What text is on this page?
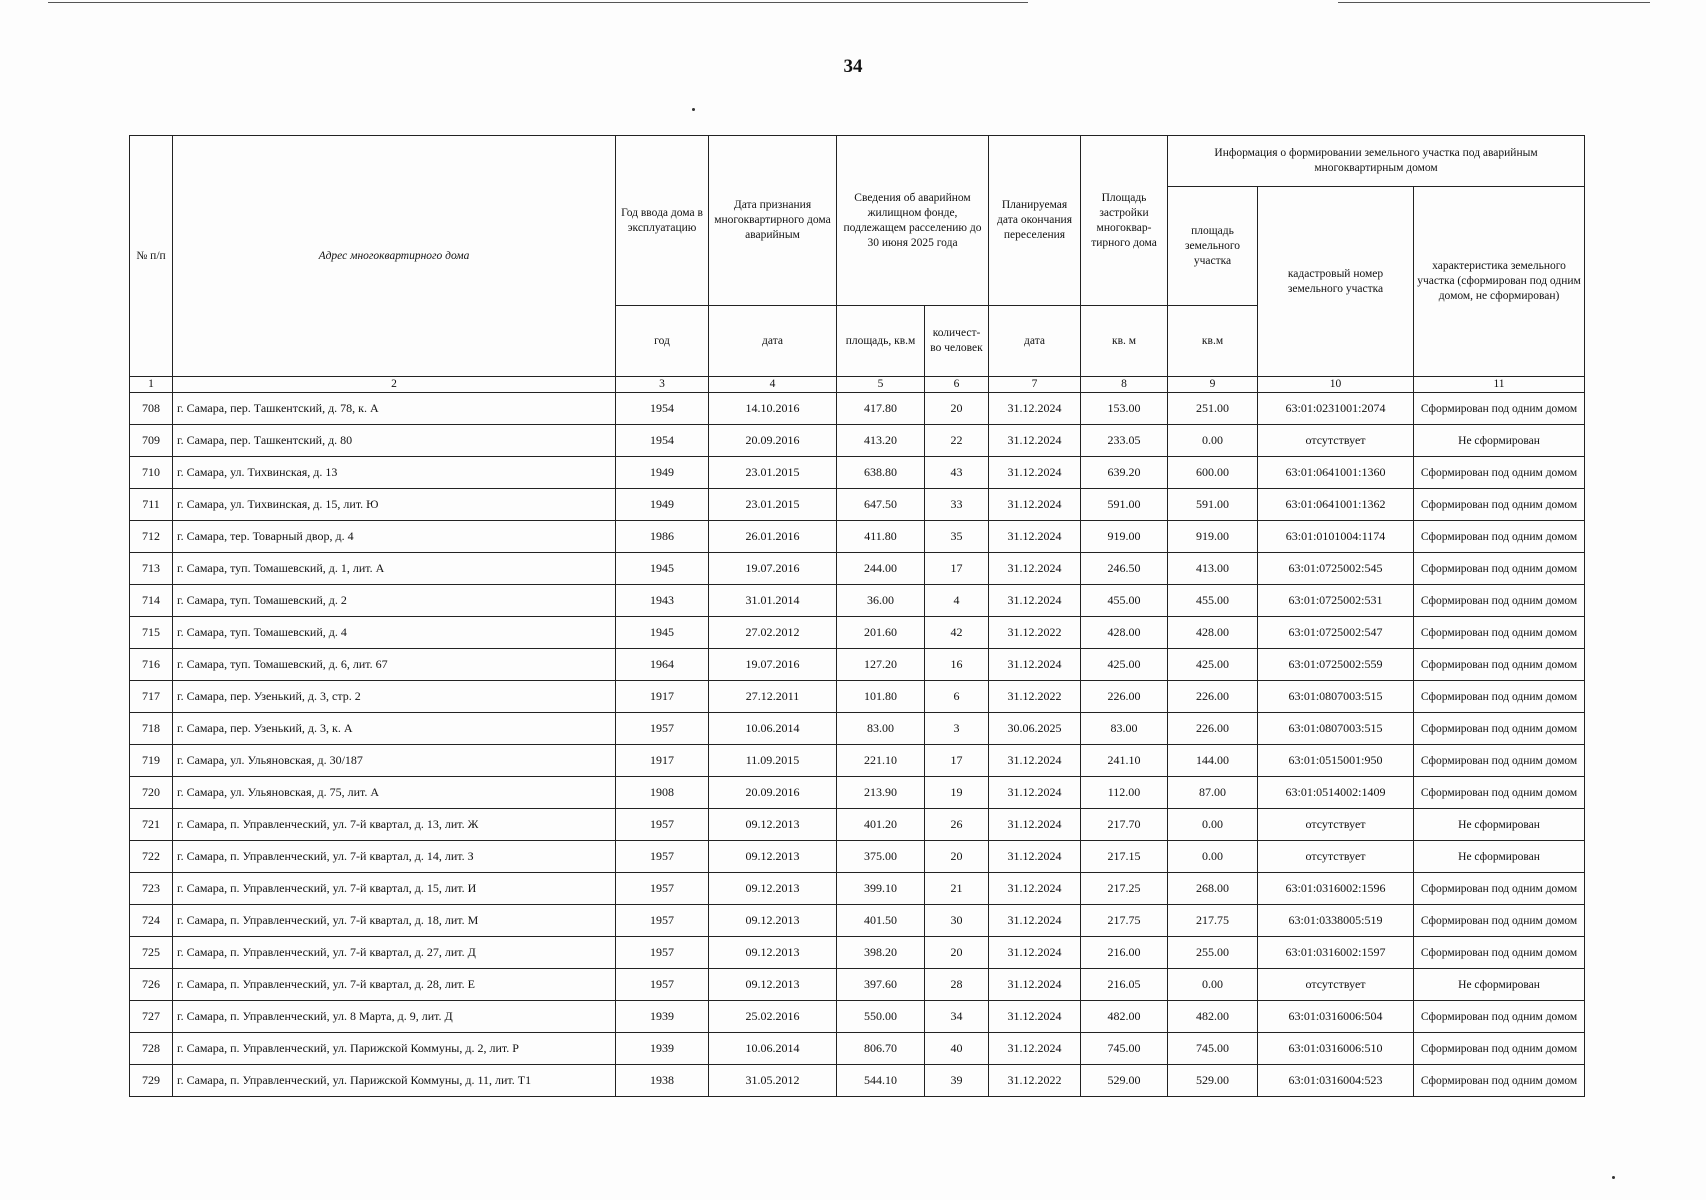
34
№ п/п	Адрес многоквартирного дома	Год ввода дома в эксплуатацию	Дата признания многоквартирного дома аварийным	Сведения об аварийном жилищном фонде, подлежащем расселению до 30 июня 2025 года		Планируемая дата окончания переселения	Площадь застройки многоквар-тирного дома	Информация о формировании земельного участка под аварийным многоквартирным домом		
								площадь земельного участка	кадастровый номер земельного участка	характеристика земельного участка (сформирован под одним домом, не сформирован)
		год	дата	площадь, кв.м	количест-во человек	дата	кв. м	кв.м		
1	2	3	4	5	6	7	8	9	10	11
708	г. Самара, пер. Ташкентский, д. 78, к. А	1954	14.10.2016	417.80	20	31.12.2024	153.00	251.00	63:01:0231001:2074	Сформирован под одним домом
709	г. Самара, пер. Ташкентский, д. 80	1954	20.09.2016	413.20	22	31.12.2024	233.05	0.00	отсутствует	Не сформирован
710	г. Самара, ул. Тихвинская, д. 13	1949	23.01.2015	638.80	43	31.12.2024	639.20	600.00	63:01:0641001:1360	Сформирован под одним домом
711	г. Самара, ул. Тихвинская, д. 15, лит. Ю	1949	23.01.2015	647.50	33	31.12.2024	591.00	591.00	63:01:0641001:1362	Сформирован под одним домом
712	г. Самара, тер. Товарный двор, д. 4	1986	26.01.2016	411.80	35	31.12.2024	919.00	919.00	63:01:0101004:1174	Сформирован под одним домом
713	г. Самара, туп. Томашевский, д. 1, лит. А	1945	19.07.2016	244.00	17	31.12.2024	246.50	413.00	63:01:0725002:545	Сформирован под одним домом
714	г. Самара, туп. Томашевский, д. 2	1943	31.01.2014	36.00	4	31.12.2024	455.00	455.00	63:01:0725002:531	Сформирован под одним домом
715	г. Самара, туп. Томашевский, д. 4	1945	27.02.2012	201.60	42	31.12.2022	428.00	428.00	63:01:0725002:547	Сформирован под одним домом
716	г. Самара, туп. Томашевский, д. 6, лит. 67	1964	19.07.2016	127.20	16	31.12.2024	425.00	425.00	63:01:0725002:559	Сформирован под одним домом
717	г. Самара, пер. Узенький, д. 3, стр. 2	1917	27.12.2011	101.80	6	31.12.2022	226.00	226.00	63:01:0807003:515	Сформирован под одним домом
718	г. Самара, пер. Узенький, д. 3, к. А	1957	10.06.2014	83.00	3	30.06.2025	83.00	226.00	63:01:0807003:515	Сформирован под одним домом
719	г. Самара, ул. Ульяновская, д. 30/187	1917	11.09.2015	221.10	17	31.12.2024	241.10	144.00	63:01:0515001:950	Сформирован под одним домом
720	г. Самара, ул. Ульяновская, д. 75, лит. А	1908	20.09.2016	213.90	19	31.12.2024	112.00	87.00	63:01:0514002:1409	Сформирован под одним домом
721	г. Самара, п. Управленческий, ул. 7-й квартал, д. 13, лит. Ж	1957	09.12.2013	401.20	26	31.12.2024	217.70	0.00	отсутствует	Не сформирован
722	г. Самара, п. Управленческий, ул. 7-й квартал, д. 14, лит. З	1957	09.12.2013	375.00	20	31.12.2024	217.15	0.00	отсутствует	Не сформирован
723	г. Самара, п. Управленческий, ул. 7-й квартал, д. 15, лит. И	1957	09.12.2013	399.10	21	31.12.2024	217.25	268.00	63:01:0316002:1596	Сформирован под одним домом
724	г. Самара, п. Управленческий, ул. 7-й квартал, д. 18, лит. М	1957	09.12.2013	401.50	30	31.12.2024	217.75	217.75	63:01:0338005:519	Сформирован под одним домом
725	г. Самара, п. Управленческий, ул. 7-й квартал, д. 27, лит. Д	1957	09.12.2013	398.20	20	31.12.2024	216.00	255.00	63:01:0316002:1597	Сформирован под одним домом
726	г. Самара, п. Управленческий, ул. 7-й квартал, д. 28, лит. Е	1957	09.12.2013	397.60	28	31.12.2024	216.05	0.00	отсутствует	Не сформирован
727	г. Самара, п. Управленческий, ул. 8 Марта, д. 9, лит. Д	1939	25.02.2016	550.00	34	31.12.2024	482.00	482.00	63:01:0316006:504	Сформирован под одним домом
728	г. Самара, п. Управленческий, ул. Парижской Коммуны, д. 2, лит. Р	1939	10.06.2014	806.70	40	31.12.2024	745.00	745.00	63:01:0316006:510	Сформирован под одним домом
729	г. Самара, п. Управленческий, ул. Парижской Коммуны, д. 11, лит. Т1	1938	31.05.2012	544.10	39	31.12.2022	529.00	529.00	63:01:0316004:523	Сформирован под одним домом
